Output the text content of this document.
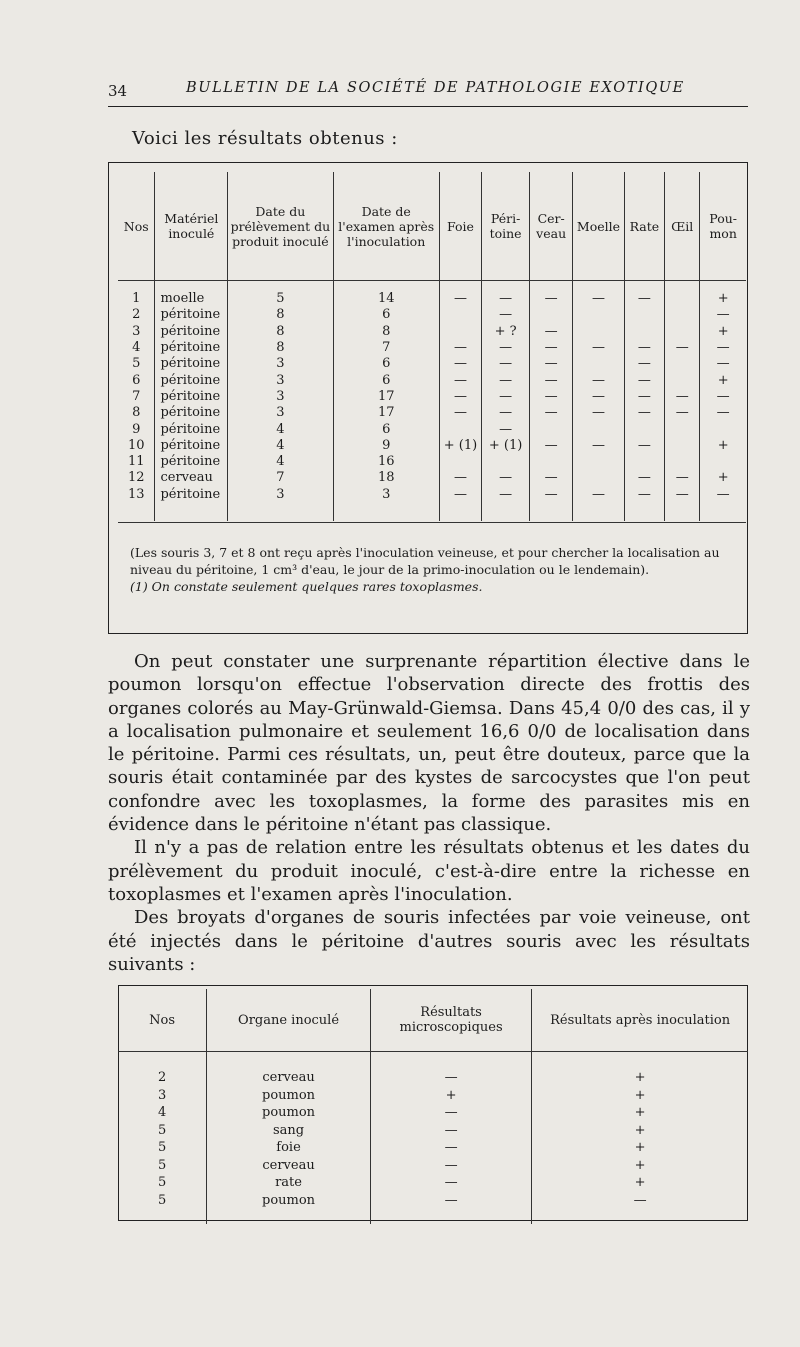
34	BULLETIN DE LA SOCIÉTÉ DE PATHOLOGIE EXOTIQUE
Voici les résultats obtenus :
Nos	Matériel inoculé	Date du prélèvement du produit inoculé	Date de l'examen après l'inoculation	Foie	Péri- toine	Cer- veau	Moelle	Rate	Œil	Pou- mon
1	moelle	5	14	—	—	—	—	—		+
2	péritoine	8	6		—					—
3	péritoine	8	8		+ ?	—				+
4	péritoine	8	7	—	—	—	—	—	—	—
5	péritoine	3	6	—	—	—		—		—
6	péritoine	3	6	—	—	—	—	—		+
7	péritoine	3	17	—	—	—	—	—	—	—
8	péritoine	3	17	—	—	—	—	—	—	—
9	péritoine	4	6		—					
10	péritoine	4	9	+ (1)	+ (1)	—	—	—		+
11	péritoine	4	16							
12	cerveau	7	18	—	—	—		—	—	+
13	péritoine	3	3	—	—	—	—	—	—	—
(Les souris 3, 7 et 8 ont reçu après l'inoculation veineuse, et pour chercher la localisation au niveau du péritoine, 1 cm³ d'eau, le jour de la primo-inoculation ou le lendemain).
(1) On constate seulement quelques rares toxoplasmes.

On peut constater une surprenante répartition élective dans le poumon lorsqu'on effectue l'observation directe des frottis des organes colorés au May-Grünwald-Giemsa. Dans 45,4 0/0 des cas, il y a localisation pulmonaire et seulement 16,6 0/0 de localisation dans le péritoine. Parmi ces résultats, un, peut être douteux, parce que la souris était contaminée par des kystes de sarcocystes que l'on peut confondre avec les toxoplasmes, la forme des parasites mis en évidence dans le péritoine n'étant pas classique.

Il n'y a pas de relation entre les résultats obtenus et les dates du prélèvement du produit inoculé, c'est-à-dire entre la richesse en toxoplasmes et l'examen après l'inoculation.

Des broyats d'organes de souris infectées par voie veineuse, ont été injectés dans le péritoine d'autres souris avec les résultats suivants :

Nos	Organe inoculé	Résultats microscopiques	Résultats après inoculation
2	cerveau	—	+
3	poumon	+	+
4	poumon	—	+
5	sang	—	+
5	foie	—	+
5	cerveau	—	+
5	rate	—	+
5	poumon	—	—
